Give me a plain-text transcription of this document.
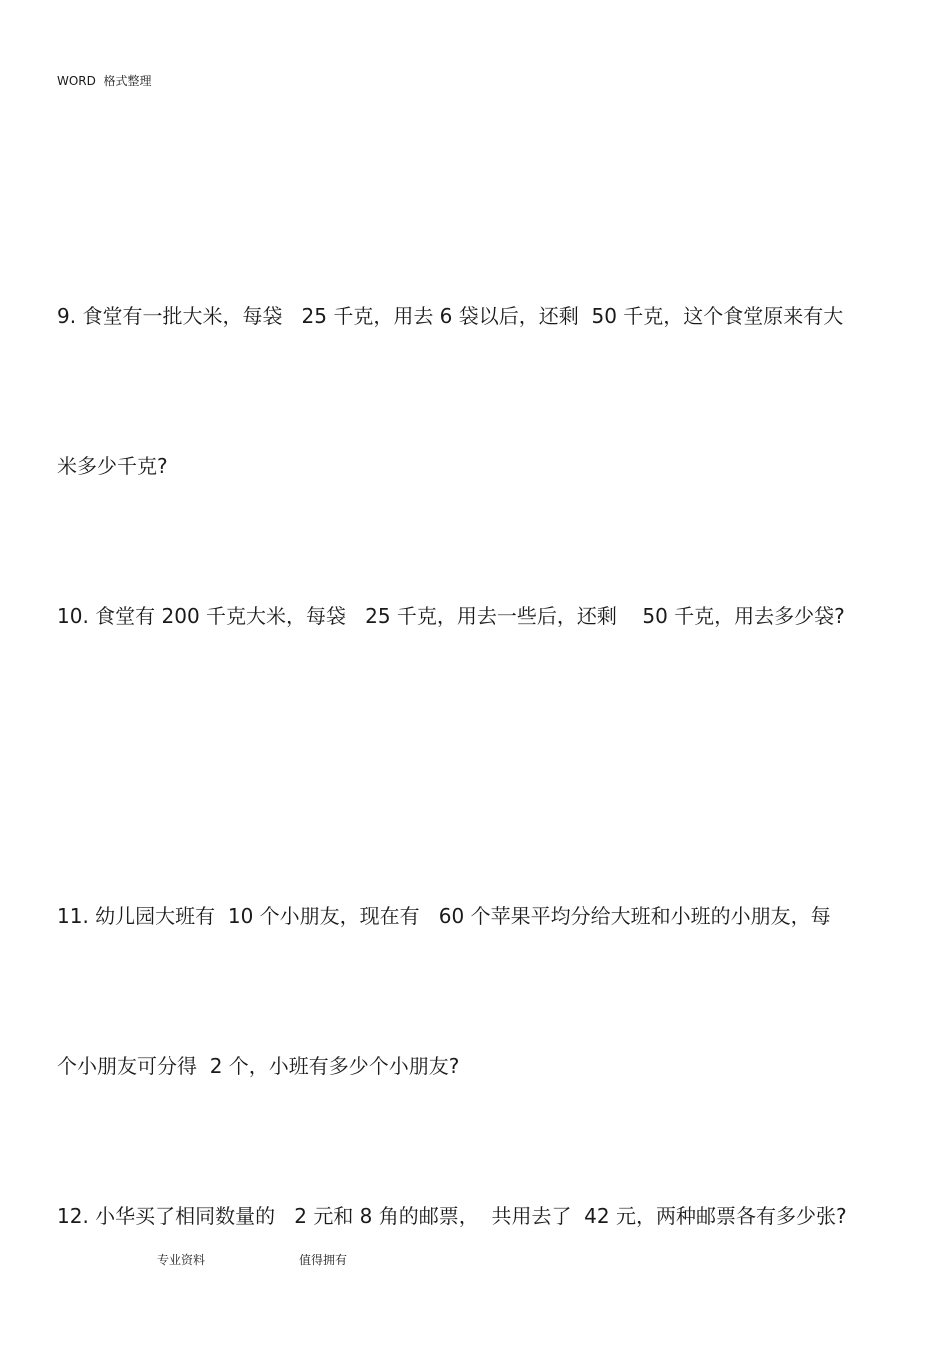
WORD  格式整理

9. 食堂有一批大米，每袋   25 千克，用去 6 袋以后，还剩  50 千克，这个食堂原来有大

米多少千克?

10. 食堂有 200 千克大米，每袋   25 千克，用去一些后，还剩    50 千克，用去多少袋?

11. 幼儿园大班有  10 个小朋友，现在有   60 个苹果平均分给大班和小班的小朋友，每

个小朋友可分得  2 个，小班有多少个小朋友?

12. 小华买了相同数量的   2 元和 8 角的邮票，  共用去了  42 元，两种邮票各有多少张?

专业资料	值得拥有
